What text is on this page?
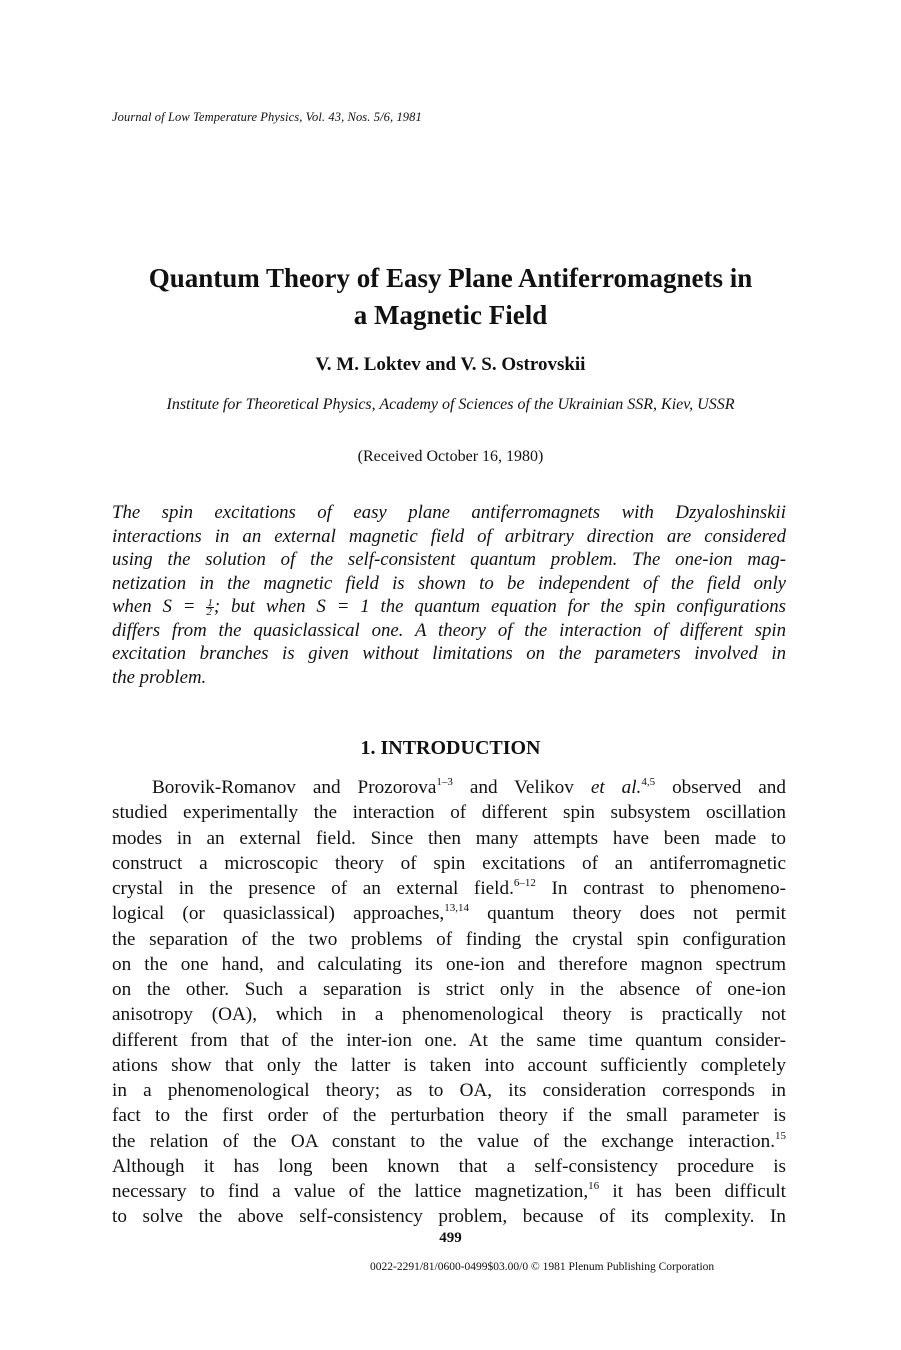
Journal of Low Temperature Physics, Vol. 43, Nos. 5/6, 1981
Quantum Theory of Easy Plane Antiferromagnets in
a Magnetic Field
V. M. Loktev and V. S. Ostrovskii
Institute for Theoretical Physics, Academy of Sciences of the Ukrainian SSR, Kiev, USSR
(Received October 16, 1980)
The spin excitations of easy plane antiferromagnets with Dzyaloshinskii
interactions in an external magnetic field of arbitrary direction are considered
using the solution of the self-consistent quantum problem. The one-ion mag-
netization in the magnetic field is shown to be independent of the field only
when $S = \frac{1}{2}$ ; but when S = 1 the quantum equation for the spin configurations
differs from the quasiclassical one. A theory of the interaction of different spin
excitation branches is given without limitations on the parameters involved in
the problem.
1. INTRODUCTION
Borovik-Romanov and Prozorova$^{1-3}$ and Velikov et al.$^{4,5}$ observed and
studied experimentally the interaction of different spin subsystem oscillation
modes in an external field. Since then many attempts have been made to
construct a microscopic theory of spin excitations of an antiferromagnetic
crystal in the presence of an external field.$^{6-12}$ In contrast to phenomeno-
logical (or quasiclassical) approaches,$^{13,14}$ quantum theory does not permit
the separation of the two problems of finding the crystal spin configuration
on the one hand, and calculating its one-ion and therefore magnon spectrum
on the other. Such a separation is strict only in the absence of one-ion
anisotropy (OA), which in a phenomenological theory is practically not
different from that of the inter-ion one. At the same time quantum consider-
ations show that only the latter is taken into account sufficiently completely
in a phenomenological theory; as to OA, its consideration corresponds in
fact to the first order of the perturbation theory if the small parameter is
the relation of the OA constant to the value of the exchange interaction.$^{15}$
Although it has long been known that a self-consistency procedure is
necessary to find a value of the lattice magnetization,$^{16}$ it has been difficult
to solve the above self-consistency problem, because of its complexity. In
499
0022-2291/81/0600-0499$03.00/0 © 1981 Plenum Publishing Corporation
